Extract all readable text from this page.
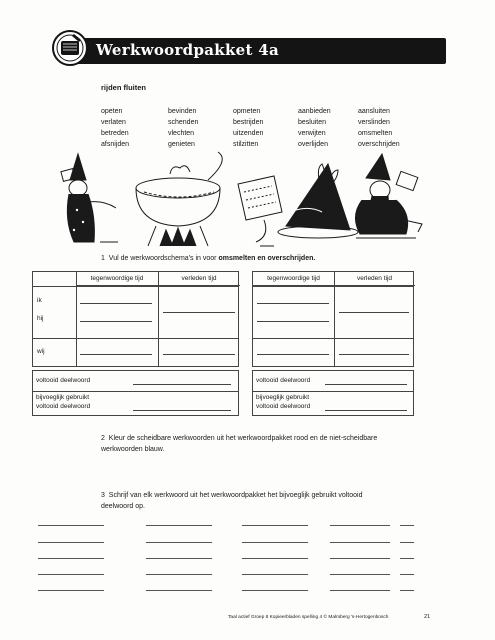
Werkwoordpakket 4a
rijden fluiten
opeten
verlaten
betreden
afsnijden
bevinden
schenden
vlechten
genieten
opmeten
bestrijden
uitzenden
stilzitten
aanbieden
besluiten
verwijten
overlijden
aansluiten
verslinden
omsmelten
overschrijden
1 Vul de werkwoordschema's in voor omsmelten en overschrijden.
tegenwoordige tijd	verleden tijd
ik
hij
wij
tegenwoordige tijd	verleden tijd
voltooid deelwoord
bijvoeglijk gebruikt
voltooid deelwoord
voltooid deelwoord
bijvoeglijk gebruikt
voltooid deelwoord
2 Kleur de scheidbare werkwoorden uit het werkwoordpakket rood en de niet-scheidbare
werkwoorden blauw.
3 Schrijf van elk werkwoord uit het werkwoordpakket het bijvoeglijk gebruikt voltooid
deelwoord op.
Taal actief Groep 8 Kopieerbladen spelling 4 © Malmberg 's-Hertogenbosch	21
